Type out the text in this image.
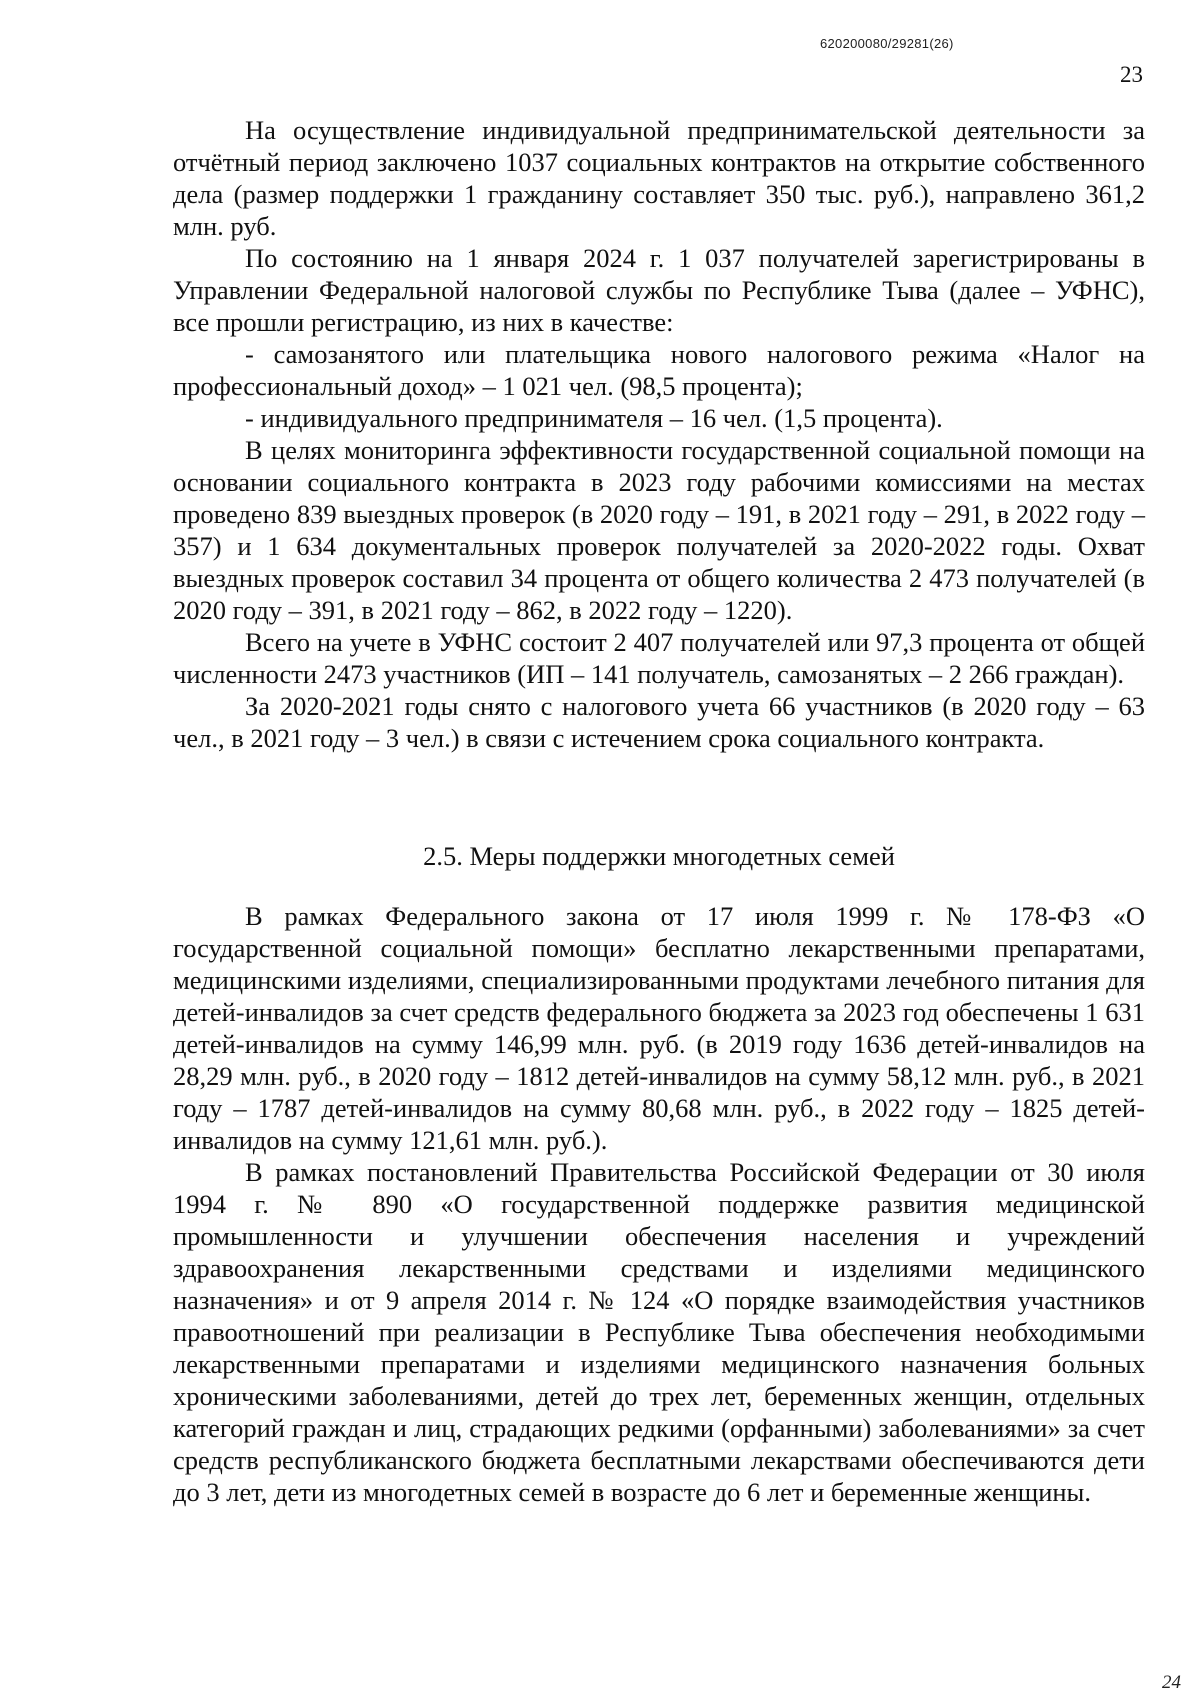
620200080/29281(26)
23

На осуществление индивидуальной предпринимательской деятельности за отчётный период заключено 1037 социальных контрактов на открытие собственного дела (размер поддержки 1 гражданину составляет 350 тыс. руб.), направлено 361,2 млн. руб.

По состоянию на 1 января 2024 г. 1 037 получателей зарегистрированы в Управлении Федеральной налоговой службы по Республике Тыва (далее – УФНС), все прошли регистрацию, из них в качестве:

- самозанятого или плательщика нового налогового режима «Налог на профессиональный доход» – 1 021 чел. (98,5 процента);

- индивидуального предпринимателя – 16 чел. (1,5 процента).

В целях мониторинга эффективности государственной социальной помощи на основании социального контракта в 2023 году рабочими комиссиями на местах проведено 839 выездных проверок (в 2020 году – 191, в 2021 году – 291, в 2022 году – 357) и 1 634 документальных проверок получателей за 2020-2022 годы. Охват выездных проверок составил 34 процента от общего количества 2 473 получателей (в 2020 году – 391, в 2021 году – 862, в 2022 году – 1220).

Всего на учете в УФНС состоит 2 407 получателей или 97,3 процента от общей численности 2473 участников (ИП – 141 получатель, самозанятых – 2 266 граждан).

За 2020-2021 годы снято с налогового учета 66 участников (в 2020 году – 63 чел., в 2021 году – 3 чел.) в связи с истечением срока социального контракта.

2.5. Меры поддержки многодетных семей

В рамках Федерального закона от 17 июля 1999 г. № 178-ФЗ «О государственной социальной помощи» бесплатно лекарственными препаратами, медицинскими изделиями, специализированными продуктами лечебного питания для детей-инвалидов за счет средств федерального бюджета за 2023 год обеспечены 1 631 детей-инвалидов на сумму 146,99 млн. руб. (в 2019 году 1636 детей-инвалидов на 28,29 млн. руб., в 2020 году – 1812 детей-инвалидов на сумму 58,12 млн. руб., в 2021 году – 1787 детей-инвалидов на сумму 80,68 млн. руб., в 2022 году – 1825 детей-инвалидов на сумму 121,61 млн. руб.).

В рамках постановлений Правительства Российской Федерации от 30 июля 1994 г. № 890 «О государственной поддержке развития медицинской промышленности и улучшении обеспечения населения и учреждений здравоохранения лекарственными средствами и изделиями медицинского назначения» и от 9 апреля 2014 г. № 124 «О порядке взаимодействия участников правоотношений при реализации в Республике Тыва обеспечения необходимыми лекарственными препаратами и изделиями медицинского назначения больных хроническими заболеваниями, детей до трех лет, беременных женщин, отдельных категорий граждан и лиц, страдающих редкими (орфанными) заболеваниями» за счет средств республиканского бюджета бесплатными лекарствами обеспечиваются дети до 3 лет, дети из многодетных семей в возрасте до 6 лет и беременные женщины.

24
